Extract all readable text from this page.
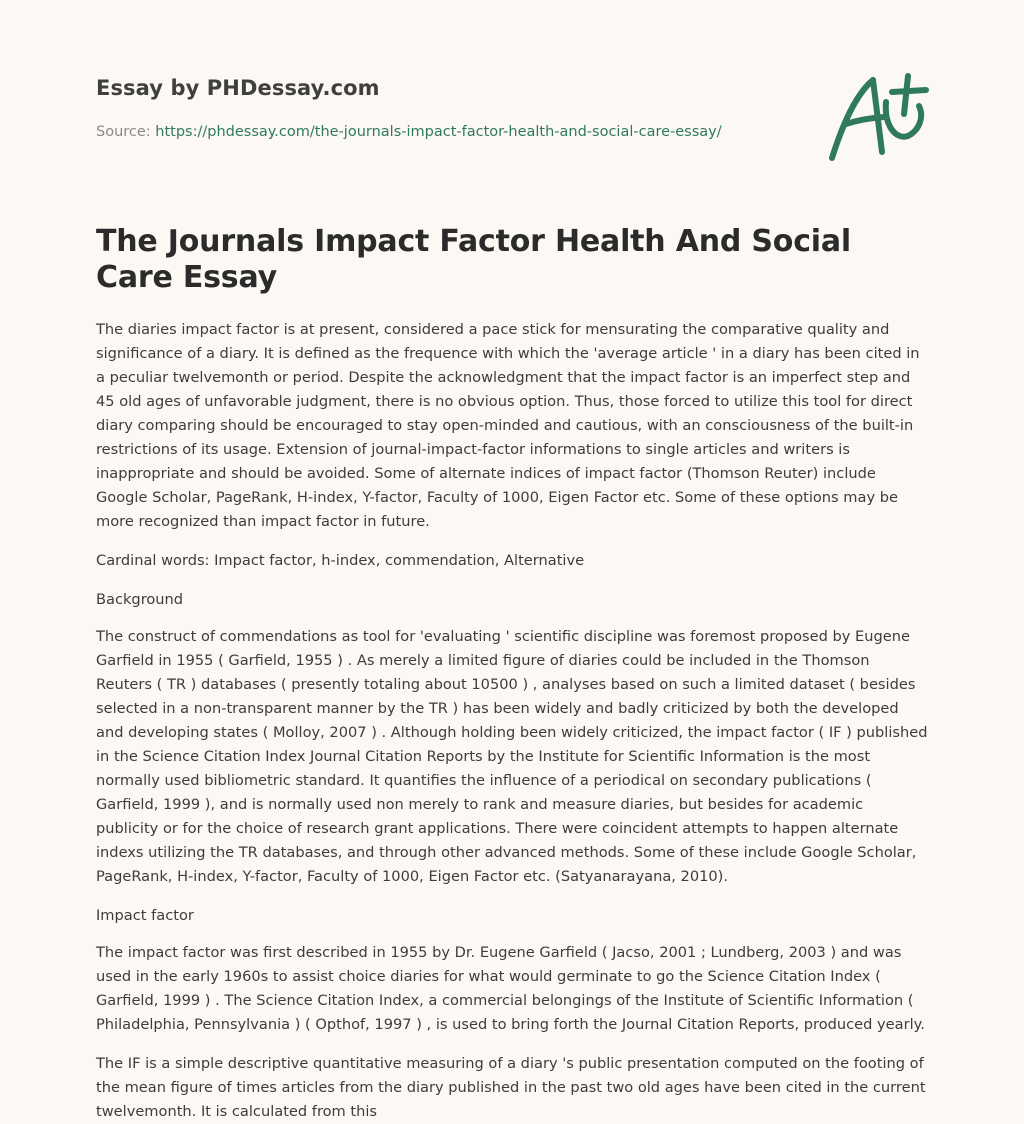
Essay by PHDessay.com
Source: https://phdessay.com/the-journals-impact-factor-health-and-social-care-essay/
The Journals Impact Factor Health And Social Care Essay

The diaries impact factor is at present, considered a pace stick for mensurating the comparative quality and significance of a diary. It is defined as the frequence with which the 'average article ' in a diary has been cited in a peculiar twelvemonth or period. Despite the acknowledgment that the impact factor is an imperfect step and 45 old ages of unfavorable judgment, there is no obvious option. Thus, those forced to utilize this tool for direct diary comparing should be encouraged to stay open-minded and cautious, with an consciousness of the built-in restrictions of its usage. Extension of journal-impact-factor informations to single articles and writers is inappropriate and should be avoided. Some of alternate indices of impact factor (Thomson Reuter) include Google Scholar, PageRank, H-index, Y-factor, Faculty of 1000, Eigen Factor etc. Some of these options may be more recognized than impact factor in future.

Cardinal words: Impact factor, h-index, commendation, Alternative

Background

The construct of commendations as tool for 'evaluating ' scientific discipline was foremost proposed by Eugene Garfield in 1955 ( Garfield, 1955 ) . As merely a limited figure of diaries could be included in the Thomson Reuters ( TR ) databases ( presently totaling about 10500 ) , analyses based on such a limited dataset ( besides selected in a non-transparent manner by the TR ) has been widely and badly criticized by both the developed and developing states ( Molloy, 2007 ) . Although holding been widely criticized, the impact factor ( IF ) published in the Science Citation Index Journal Citation Reports by the Institute for Scientific Information is the most normally used bibliometric standard. It quantifies the influence of a periodical on secondary publications ( Garfield, 1999 ), and is normally used non merely to rank and measure diaries, but besides for academic publicity or for the choice of research grant applications. There were coincident attempts to happen alternate indexs utilizing the TR databases, and through other advanced methods. Some of these include Google Scholar, PageRank, H-index, Y-factor, Faculty of 1000, Eigen Factor etc. (Satyanarayana, 2010).

Impact factor

The impact factor was first described in 1955 by Dr. Eugene Garfield ( Jacso, 2001 ; Lundberg, 2003 ) and was used in the early 1960s to assist choice diaries for what would germinate to go the Science Citation Index ( Garfield, 1999 ) . The Science Citation Index, a commercial belongings of the Institute of Scientific Information ( Philadelphia, Pennsylvania ) ( Opthof, 1997 ) , is used to bring forth the Journal Citation Reports, produced yearly.

The IF is a simple descriptive quantitative measuring of a diary 's public presentation computed on the footing of the mean figure of times articles from the diary published in the past two old ages have been cited in the current twelvemonth. It is calculated from this
